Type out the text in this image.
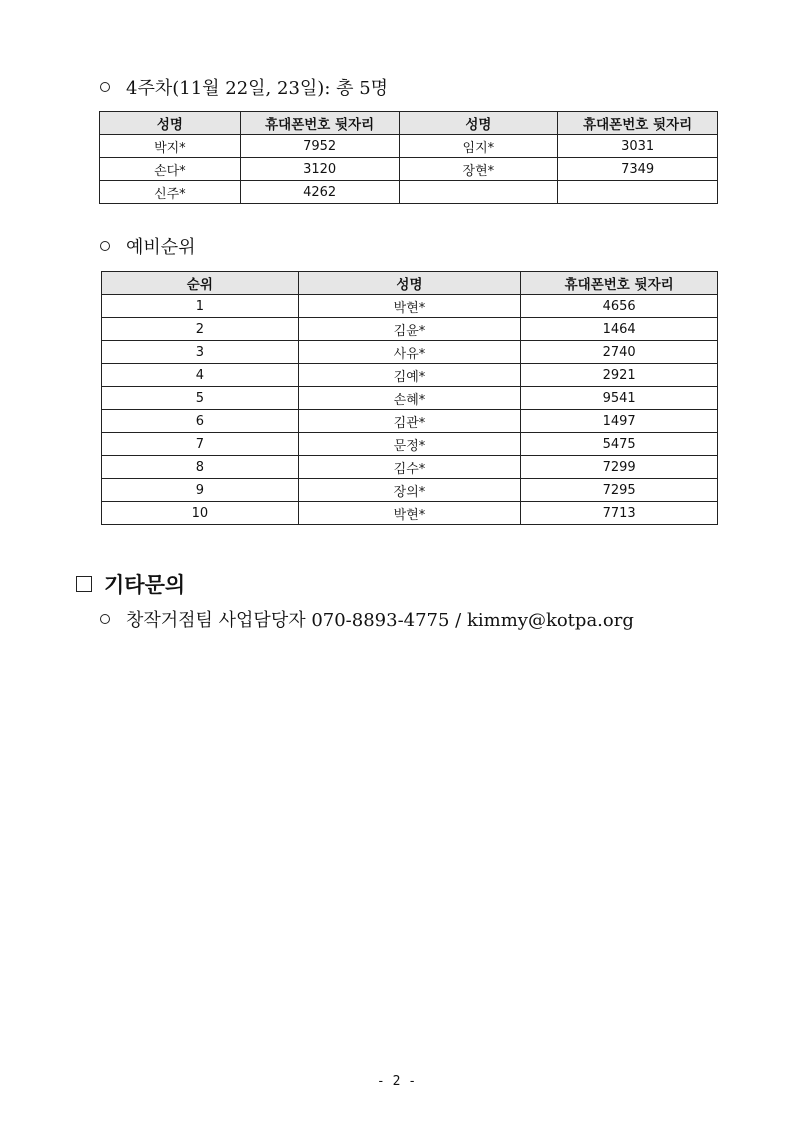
4주차(11월 22일, 23일): 총 5명
성명	휴대폰번호 뒷자리	성명	휴대폰번호 뒷자리
박지*	7952	임지*	3031
손다*	3120	장현*	7349
신주*	4262		
예비순위
순위	성명	휴대폰번호 뒷자리
1	박현*	4656
2	김윤*	1464
3	사유*	2740
4	김예*	2921
5	손혜*	9541
6	김관*	1497
7	문정*	5475
8	김수*	7299
9	장의*	7295
10	박현*	7713
기타문의
창작거점팀 사업담당자 070-8893-4775 / kimmy@kotpa.org
- 2 -
